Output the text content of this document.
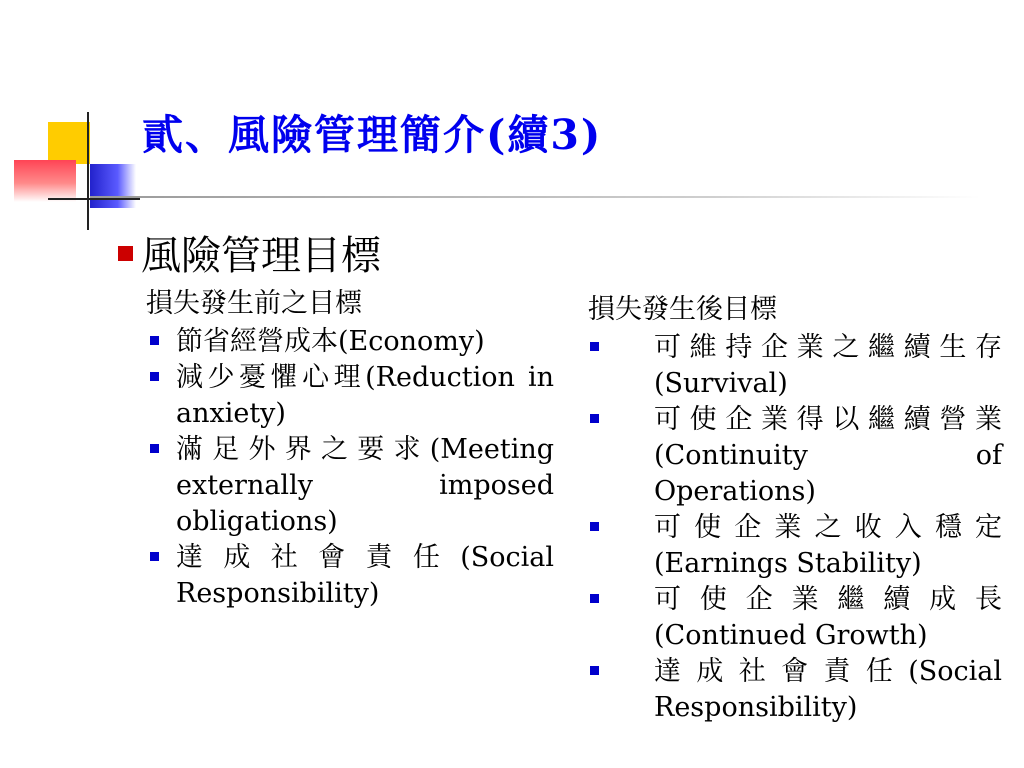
貳、風險管理簡介(續3)
風險管理目標
損失發生前之目標
節省經營成本(Economy)
減少憂懼心理(Reduction in anxiety)
滿足外界之要求(Meeting externally imposed obligations)
達成社會責任(Social Responsibility)
損失發生後目標
可維持企業之繼續生存(Survival)
可使企業得以繼續營業 (Continuity of Operations)
可使企業之收入穩定(Earnings Stability)
可使企業繼續成長(Continued Growth)
達成社會責任(Social Responsibility)
